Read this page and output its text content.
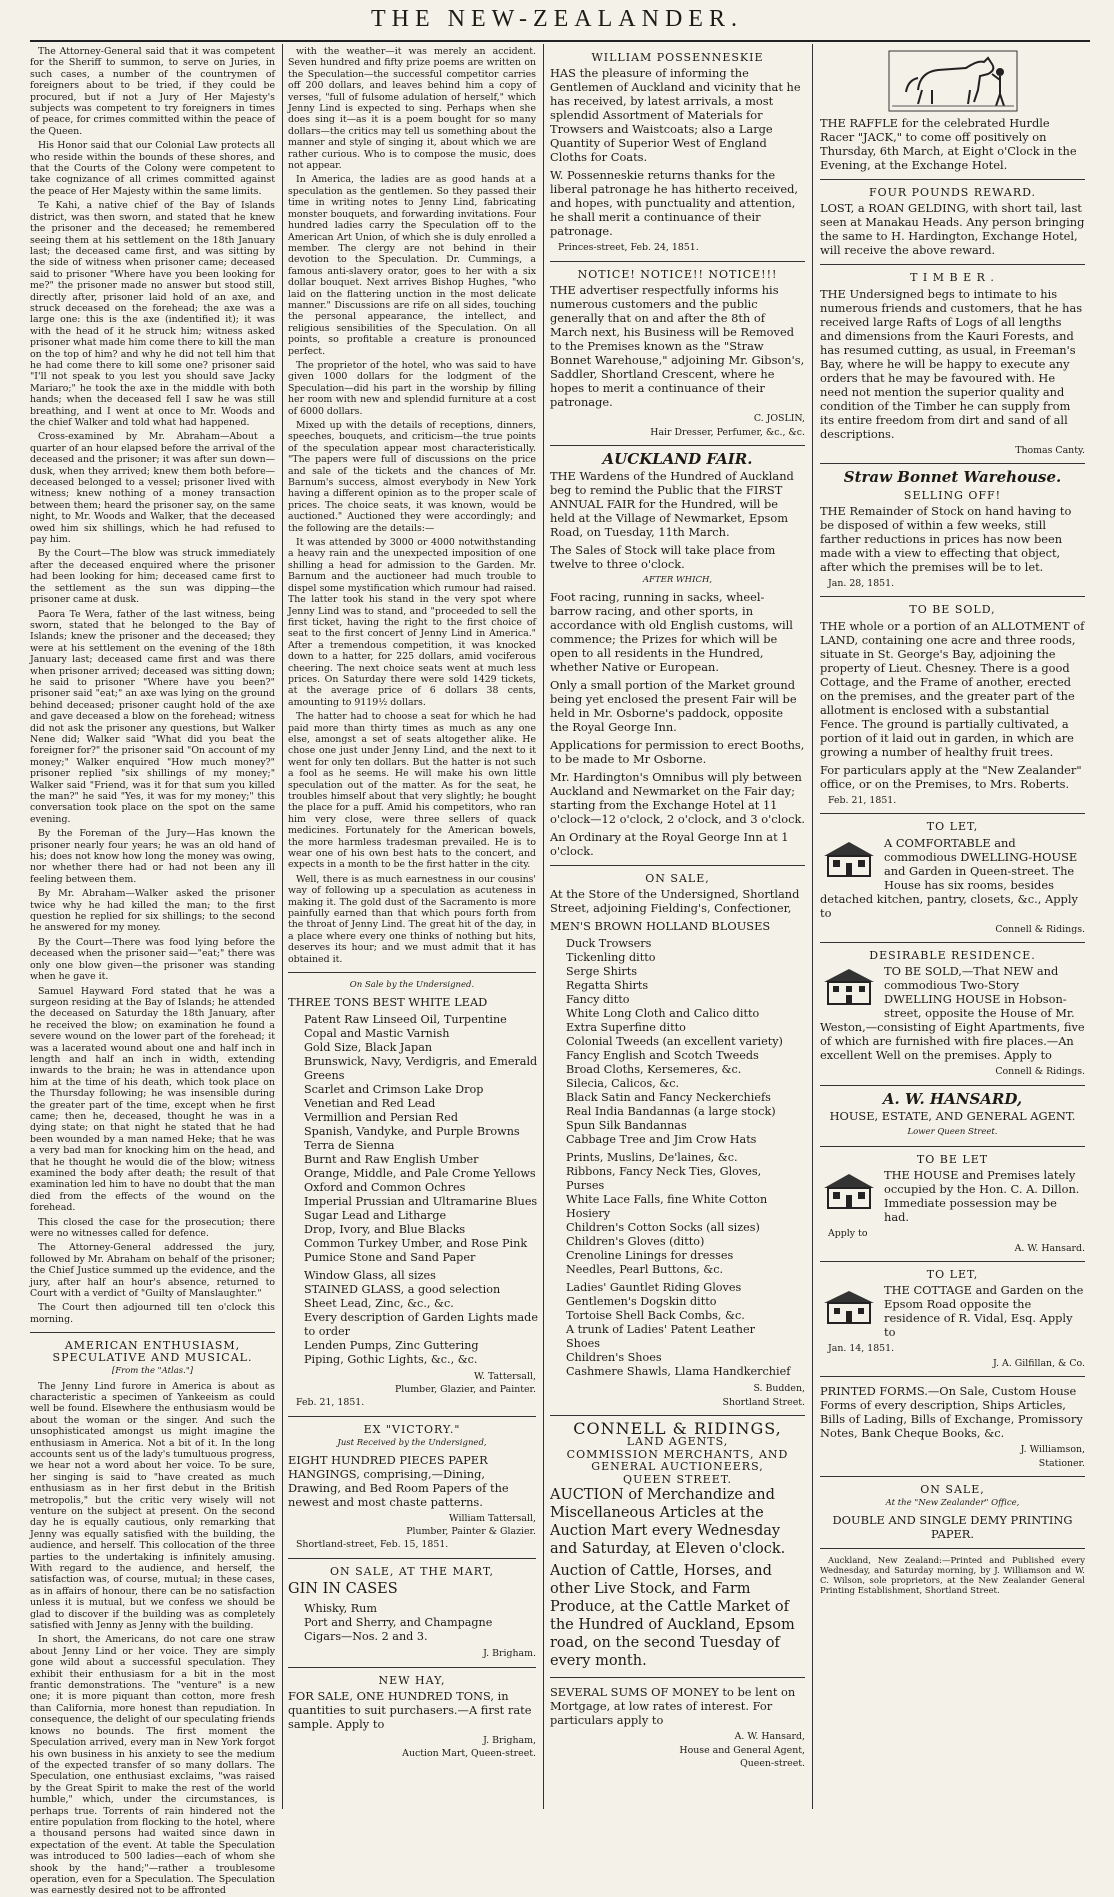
THE NEW-ZEALANDER.
The Attorney-General said that it was competent for the Sheriff to summon, to serve on Juries, in such cases, a number of the countrymen of foreigners about to be tried, if they could be procured, but if not a Jury of Her Majesty's subjects was competent to try foreigners in times of peace, for crimes committed within the peace of the Queen.
His Honor said that our Colonial Law protects all who reside within the bounds of these shores, and that the Courts of the Colony were competent to take cognizance of all crimes committed against the peace of Her Majesty within the same limits.
Te Kahi, a native chief of the Bay of Islands district, was then sworn, and stated that he knew the prisoner and the deceased; he remembered seeing them at his settlement on the 18th January last; the deceased came first, and was sitting by the side of witness when prisoner came; deceased said to prisoner "Where have you been looking for me?" the prisoner made no answer but stood still, directly after, prisoner laid hold of an axe, and struck deceased on the forehead; the axe was a large one: this is the axe (indentified it); it was with the head of it he struck him; witness asked prisoner what made him come there to kill the man on the top of him? and why he did not tell him that he had come there to kill some one? prisoner said "I'll not speak to you lest you should save Jacky Mariaro;" he took the axe in the middle with both hands; when the deceased fell I saw he was still breathing, and I went at once to Mr. Woods and the chief Walker and told what had happened.
Cross-examined by Mr. Abraham—About a quarter of an hour elapsed before the arrival of the deceased and the prisoner; it was after sun down—dusk, when they arrived; knew them both before—deceased belonged to a vessel; prisoner lived with witness; knew nothing of a money transaction between them; heard the prisoner say, on the same night, to Mr. Woods and Walker, that the deceased owed him six shillings, which he had refused to pay him.
By the Court—The blow was struck immediately after the deceased enquired where the prisoner had been looking for him; deceased came first to the settlement as the sun was dipping—the prisoner came at dusk.
Paora Te Wera, father of the last witness, being sworn, stated that he belonged to the Bay of Islands; knew the prisoner and the deceased; they were at his settlement on the evening of the 18th January last; deceased came first and was there when prisoner arrived; deceased was sitting down; he said to prisoner "Where have you been?" prisoner said "eat;" an axe was lying on the ground behind deceased; prisoner caught hold of the axe and gave deceased a blow on the forehead; witness did not ask the prisoner any questions, but Walker Nene did; Walker said "What did you beat the foreigner for?" the prisoner said "On account of my money;" Walker enquired "How much money?" prisoner replied "six shillings of my money;" Walker said "Friend, was it for that sum you killed the man?" he said "Yes, it was for my money;" this conversation took place on the spot on the same evening.
By the Foreman of the Jury—Has known the prisoner nearly four years; he was an old hand of his; does not know how long the money was owing, nor whether there had or had not been any ill feeling between them.
By Mr. Abraham—Walker asked the prisoner twice why he had killed the man; to the first question he replied for six shillings; to the second he answered for my money.
By the Court—There was food lying before the deceased when the prisoner said—"eat;" there was only one blow given—the prisoner was standing when he gave it.
Samuel Hayward Ford stated that he was a surgeon residing at the Bay of Islands; he attended the deceased on Saturday the 18th January, after he received the blow; on examination he found a severe wound on the lower part of the forehead; it was a lacerated wound about one and half inch in length and half an inch in width, extending inwards to the brain; he was in attendance upon him at the time of his death, which took place on the Thursday following; he was insensible during the greater part of the time, except when he first came; then he, deceased, thought he was in a dying state; on that night he stated that he had been wounded by a man named Heke; that he was a very bad man for knocking him on the head, and that he thought he would die of the blow; witness examined the body after death; the result of that examination led him to have no doubt that the man died from the effects of the wound on the forehead.
This closed the case for the prosecution; there were no witnesses called for defence.
The Attorney-General addressed the jury, followed by Mr. Abraham on behalf of the prisoner; the Chief Justice summed up the evidence, and the jury, after half an hour's absence, returned to Court with a verdict of "Guilty of Manslaughter."
The Court then adjourned till ten o'clock this morning.
AMERICAN ENTHUSIASM, SPECULATIVE AND MUSICAL.
[From the "Atlas."]
The Jenny Lind furore in America is about as characteristic a specimen of Yankeeism as could well be found. Elsewhere the enthusiasm would be about the woman or the singer. And such the unsophisticated amongst us might imagine the enthusiasm in America. Not a bit of it. In the long accounts sent us of the lady's tumultuous progress, we hear not a word about her voice. To be sure, her singing is said to "have created as much enthusiasm as in her first debut in the British metropolis," but the critic very wisely will not venture on the subject at present. On the second day he is equally cautious, only remarking that Jenny was equally satisfied with the building, the audience, and herself. This collocation of the three parties to the undertaking is infinitely amusing. With regard to the audience, and herself, the satisfaction was, of course, mutual; in these cases, as in affairs of honour, there can be no satisfaction unless it is mutual, but we confess we should be glad to discover if the building was as completely satisfied with Jenny as Jenny with the building.
In short, the Americans, do not care one straw about Jenny Lind or her voice. They are simply gone wild about a successful speculation. They exhibit their enthusiasm for a bit in the most frantic demonstrations. The "venture" is a new one; it is more piquant than cotton, more fresh than California, more honest than repudiation. In consequence, the delight of our speculating friends knows no bounds. The first moment the Speculation arrived, every man in New York forgot his own business in his anxiety to see the medium of the expected transfer of so many dollars. The Speculation, one enthusiast exclaims, "was raised by the Great Spirit to make the rest of the world humble," which, under the circumstances, is perhaps true. Torrents of rain hindered not the entire population from flocking to the hotel, where a thousand persons had waited since dawn in expectation of the event. At table the Speculation was introduced to 500 ladies—each of whom she shook by the hand;"—rather a troublesome operation, even for a Speculation. The Speculation was earnestly desired not to be affronted
with the weather—it was merely an accident. Seven hundred and fifty prize poems are written on the Speculation—the successful competitor carries off 200 dollars, and leaves behind him a copy of verses, "full of fulsome adulation of herself," which Jenny Lind is expected to sing. Perhaps when she does sing it—as it is a poem bought for so many dollars—the critics may tell us something about the manner and style of singing it, about which we are rather curious. Who is to compose the music, does not appear.
In America, the ladies are as good hands at a speculation as the gentlemen. So they passed their time in writing notes to Jenny Lind, fabricating monster bouquets, and forwarding invitations. Four hundred ladies carry the Speculation off to the American Art Union, of which she is duly enrolled a member. The clergy are not behind in their devotion to the Speculation. Dr. Cummings, a famous anti-slavery orator, goes to her with a six dollar bouquet. Next arrives Bishop Hughes, "who laid on the flattering unction in the most delicate manner." Discussions are rife on all sides, touching the personal appearance, the intellect, and religious sensibilities of the Speculation. On all points, so profitable a creature is pronounced perfect.
The proprietor of the hotel, who was said to have given 1000 dollars for the lodgment of the Speculation—did his part in the worship by filling her room with new and splendid furniture at a cost of 6000 dollars.
Mixed up with the details of receptions, dinners, speeches, bouquets, and criticism—the true points of the speculation appear most characteristically. "The papers were full of discussions on the price and sale of the tickets and the chances of Mr. Barnum's success, almost everybody in New York having a different opinion as to the proper scale of prices. The choice seats, it was known, would be auctioned." Auctioned they were accordingly; and the following are the details:—
It was attended by 3000 or 4000 notwithstanding a heavy rain and the unexpected imposition of one shilling a head for admission to the Garden. Mr. Barnum and the auctioneer had much trouble to dispel some mystification which rumour had raised. The latter took his stand in the very spot where Jenny Lind was to stand, and "proceeded to sell the first ticket, having the right to the first choice of seat to the first concert of Jenny Lind in America." After a tremendous competition, it was knocked down to a hatter, for 225 dollars, amid vociferous cheering. The next choice seats went at much less prices. On Saturday there were sold 1429 tickets, at the average price of 6 dollars 38 cents, amounting to 9119½ dollars.
The hatter had to choose a seat for which he had paid more than thirty times as much as any one else, amongst a set of seats altogether alike. He chose one just under Jenny Lind, and the next to it went for only ten dollars. But the hatter is not such a fool as he seems. He will make his own little speculation out of the matter. As for the seat, he troubles himself about that very slightly; he bought the place for a puff. Amid his competitors, who ran him very close, were three sellers of quack medicines. Fortunately for the American bowels, the more harmless tradesman prevailed. He is to wear one of his own best hats to the concert, and expects in a month to be the first hatter in the city.
Well, there is as much earnestness in our cousins' way of following up a speculation as acuteness in making it. The gold dust of the Sacramento is more painfully earned than that which pours forth from the throat of Jenny Lind. The great hit of the day, in a place where every one thinks of nothing but hits, deserves its hour; and we must admit that it has obtained it.
On Sale by the Undersigned.
THREE TONS BEST WHITE LEAD
Patent Raw Linseed Oil, Turpentine
Copal and Mastic Varnish
Gold Size, Black Japan
Brunswick, Navy, Verdigris, and Emerald
Greens
Scarlet and Crimson Lake Drop
Venetian and Red Lead
Vermillion and Persian Red
Spanish, Vandyke, and Purple Browns
Terra de Sienna
Burnt and Raw English Umber
Orange, Middle, and Pale Crome Yellows
Oxford and Common Ochres
Imperial Prussian and Ultramarine Blues
Sugar Lead and Litharge
Drop, Ivory, and Blue Blacks
Common Turkey Umber, and Rose Pink
Pumice Stone and Sand Paper
Window Glass, all sizes
STAINED GLASS, a good selection
Sheet Lead, Zinc, &c., &c.
Every description of Garden Lights made
to order
Lenden Pumps, Zinc Guttering
Piping, Gothic Lights, &c., &c.
W. Tattersall,
Plumber, Glazier, and Painter.
Feb. 21, 1851.
EX "VICTORY."
Just Received by the Undersigned,
EIGHT HUNDRED PIECES PAPER HANGINGS, comprising,—Dining, Drawing, and Bed Room Papers of the newest and most chaste patterns.
William Tattersall,
Plumber, Painter & Glazier.
Shortland-street, Feb. 15, 1851.
ON SALE, AT THE MART,
GIN IN CASES
Whisky, Rum
Port and Sherry, and Champagne
Cigars—Nos. 2 and 3.
J. Brigham.
NEW HAY,
FOR SALE, ONE HUNDRED TONS, in quantities to suit purchasers.—A first rate sample. Apply to
J. Brigham,
Auction Mart, Queen-street.
WILLIAM POSSENNESKIE
HAS the pleasure of informing the Gentlemen of Auckland and vicinity that he has received, by latest arrivals, a most splendid Assortment of Materials for Trowsers and Waistcoats; also a Large Quantity of Superior West of England Cloths for Coats.
W. Possenneskie returns thanks for the liberal patronage he has hitherto received, and hopes, with punctuality and attention, he shall merit a continuance of their patronage.
Princes-street, Feb. 24, 1851.
NOTICE! NOTICE!! NOTICE!!!
THE advertiser respectfully informs his numerous customers and the public generally that on and after the 8th of March next, his Business will be Removed to the Premises known as the "Straw Bonnet Warehouse," adjoining Mr. Gibson's, Saddler, Shortland Crescent, where he hopes to merit a continuance of their patronage.
C. JOSLIN,
Hair Dresser, Perfumer, &c., &c.
AUCKLAND FAIR.
THE Wardens of the Hundred of Auckland beg to remind the Public that the FIRST ANNUAL FAIR for the Hundred, will be held at the Village of Newmarket, Epsom Road, on Tuesday, 11th March.
The Sales of Stock will take place from twelve to three o'clock.
AFTER WHICH,
Foot racing, running in sacks, wheel-barrow racing, and other sports, in accordance with old English customs, will commence; the Prizes for which will be open to all residents in the Hundred, whether Native or European.
Only a small portion of the Market ground being yet enclosed the present Fair will be held in Mr. Osborne's paddock, opposite the Royal George Inn.
Applications for permission to erect Booths, to be made to Mr Osborne.
Mr. Hardington's Omnibus will ply between Auckland and Newmarket on the Fair day; starting from the Exchange Hotel at 11 o'clock—12 o'clock, 2 o'clock, and 3 o'clock.
An Ordinary at the Royal George Inn at 1 o'clock.
ON SALE,
At the Store of the Undersigned, Shortland Street, adjoining Fielding's, Confectioner,
MEN'S BROWN HOLLAND BLOUSES
Duck Trowsers
Tickenling ditto
Serge Shirts
Regatta Shirts
Fancy ditto
White Long Cloth and Calico ditto
Extra Superfine ditto
Colonial Tweeds (an excellent variety)
Fancy English and Scotch Tweeds
Broad Cloths, Kersemeres, &c.
Silecia, Calicos, &c.
Black Satin and Fancy Neckerchiefs
Real India Bandannas (a large stock)
Spun Silk Bandannas
Cabbage Tree and Jim Crow Hats
Prints, Muslins, De'laines, &c.
Ribbons, Fancy Neck Ties, Gloves,
Purses
White Lace Falls, fine White Cotton
Hosiery
Children's Cotton Socks (all sizes)
Children's Gloves (ditto)
Crenoline Linings for dresses
Needles, Pearl Buttons, &c.
Ladies' Gauntlet Riding Gloves
Gentlemen's Dogskin ditto
Tortoise Shell Back Combs, &c.
A trunk of Ladies' Patent Leather
Shoes
Children's Shoes
Cashmere Shawls, Llama Handkerchief
S. Budden,
Shortland Street.
CONNELL & RIDINGS,
LAND AGENTS,
COMMISSION MERCHANTS, AND
GENERAL AUCTIONEERS,
QUEEN STREET.
AUCTION of Merchandize and Miscellaneous Articles at the Auction Mart every Wednesday and Saturday, at Eleven o'clock.
Auction of Cattle, Horses, and other Live Stock, and Farm Produce, at the Cattle Market of the Hundred of Auckland, Epsom road, on the second Tuesday of every month.
SEVERAL SUMS OF MONEY to be lent on Mortgage, at low rates of interest. For particulars apply to
A. W. Hansard,
House and General Agent,
Queen-street.
THE RAFFLE for the celebrated Hurdle Racer "JACK," to come off positively on Thursday, 6th March, at Eight o'Clock in the Evening, at the Exchange Hotel.
FOUR POUNDS REWARD.
LOST, a ROAN GELDING, with short tail, last seen at Manakau Heads. Any person bringing the same to H. Hardington, Exchange Hotel, will receive the above reward.
T I M B E R .
THE Undersigned begs to intimate to his numerous friends and customers, that he has received large Rafts of Logs of all lengths and dimensions from the Kauri Forests, and has resumed cutting, as usual, in Freeman's Bay, where he will be happy to execute any orders that he may be favoured with. He need not mention the superior quality and condition of the Timber he can supply from its entire freedom from dirt and sand of all descriptions.
Thomas Canty.
Straw Bonnet Warehouse.
SELLING OFF!
THE Remainder of Stock on hand having to be disposed of within a few weeks, still farther reductions in prices has now been made with a view to effecting that object, after which the premises will be to let.
Jan. 28, 1851.
TO BE SOLD,
THE whole or a portion of an ALLOTMENT of LAND, containing one acre and three roods, situate in St. George's Bay, adjoining the property of Lieut. Chesney. There is a good Cottage, and the Frame of another, erected on the premises, and the greater part of the allotment is enclosed with a substantial Fence. The ground is partially cultivated, a portion of it laid out in garden, in which are growing a number of healthy fruit trees.
For particulars apply at the "New Zealander" office, or on the Premises, to Mrs. Roberts.
Feb. 21, 1851.
TO LET,
A COMFORTABLE and commodious DWELLING-HOUSE and Garden in Queen-street. The House has six rooms, besides detached kitchen, pantry, closets, &c., Apply to
Connell & Ridings.
DESIRABLE RESIDENCE.
TO BE SOLD,—That NEW and commodious Two-Story DWELLING HOUSE in Hobson-street, opposite the House of Mr. Weston,—consisting of Eight Apartments, five of which are furnished with fire places.—An excellent Well on the premises. Apply to
Connell & Ridings.
A. W. HANSARD,
HOUSE, ESTATE, AND GENERAL AGENT.
Lower Queen Street.
TO BE LET
THE HOUSE and Premises lately occupied by the Hon. C. A. Dillon. Immediate possession may be had.
Apply to
A. W. Hansard.
TO LET,
THE COTTAGE and Garden on the Epsom Road opposite the residence of R. Vidal, Esq. Apply to
Jan. 14, 1851.
J. A. Gilfillan, & Co.
PRINTED FORMS.—On Sale, Custom House Forms of every description, Ships Articles, Bills of Lading, Bills of Exchange, Promissory Notes, Bank Cheque Books, &c.
J. Williamson,
Stationer.
ON SALE,
At the "New Zealander" Office,
DOUBLE AND SINGLE DEMY PRINTING PAPER.
Auckland, New Zealand:—Printed and Published every Wednesday, and Saturday morning, by J. Williamson and W. C. Wilson, sole proprietors, at the New Zealander General Printing Establishment, Shortland Street.
